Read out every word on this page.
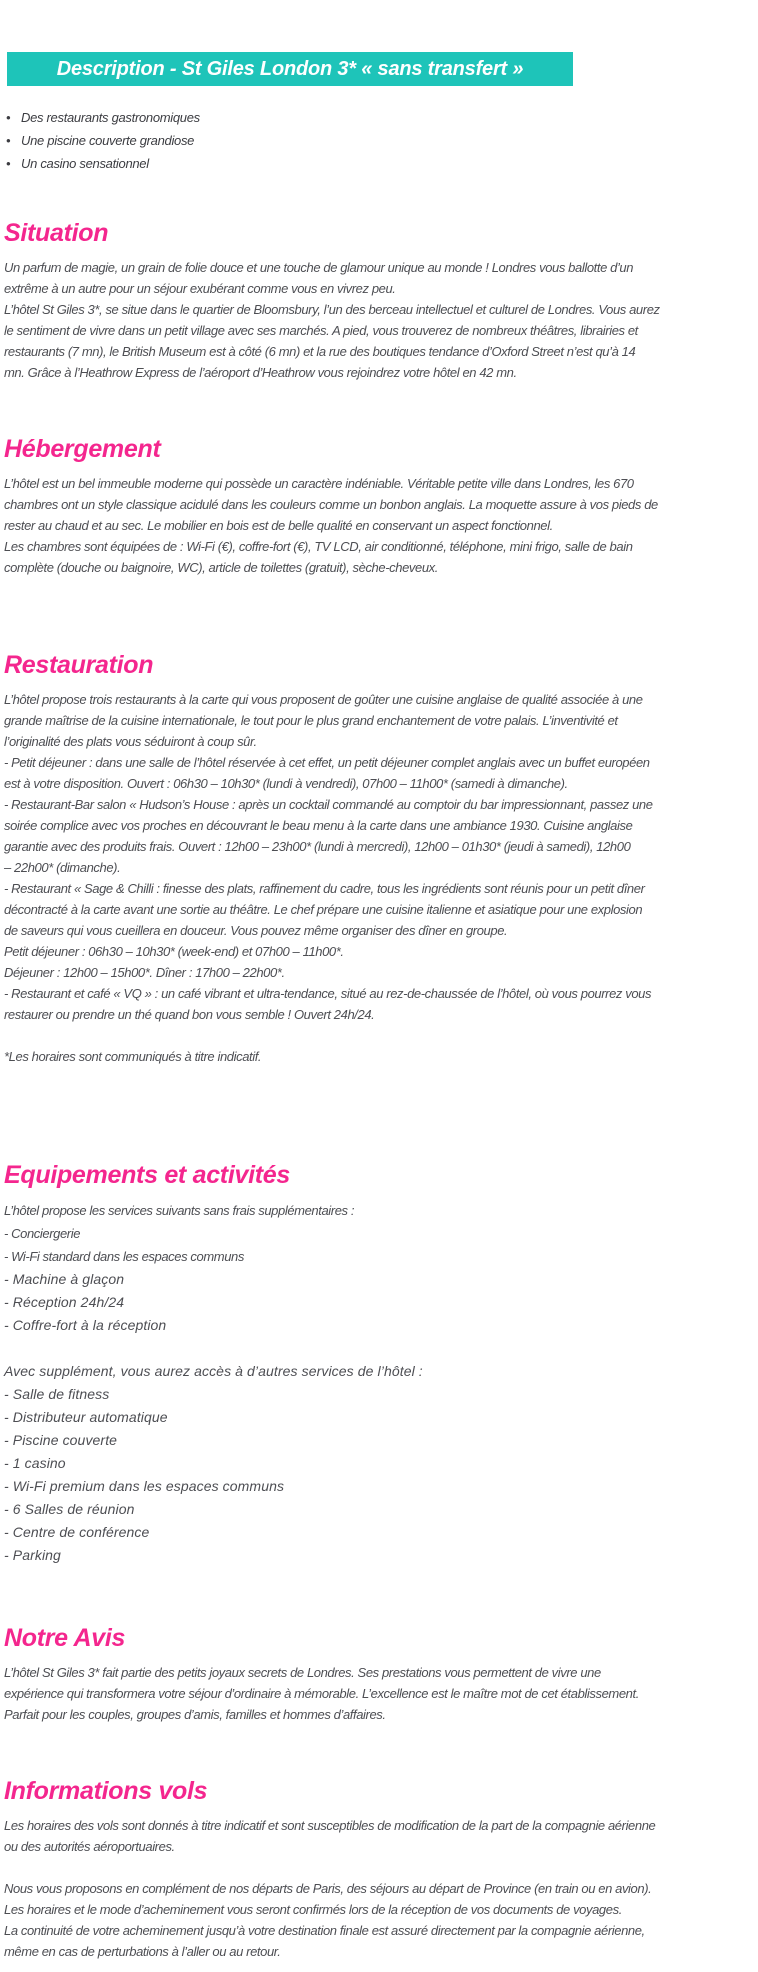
Description - St Giles London 3* « sans transfert »
• Des restaurants gastronomiques
• Une piscine couverte grandiose
• Un casino sensationnel
Situation
Un parfum de magie, un grain de folie douce et une touche de glamour unique au monde ! Londres vous ballotte d’un
extrême à un autre pour un séjour exubérant comme vous en vivrez peu.
L’hôtel St Giles 3*, se situe dans le quartier de Bloomsbury, l’un des berceau intellectuel et culturel de Londres. Vous aurez
le sentiment de vivre dans un petit village avec ses marchés. A pied, vous trouverez de nombreux théâtres, librairies et
restaurants (7 mn), le British Museum est à côté (6 mn) et la rue des boutiques tendance d’Oxford Street n’est qu’à 14
mn. Grâce à l’Heathrow Express de l’aéroport d’Heathrow vous rejoindrez votre hôtel en 42 mn.
Hébergement
L’hôtel est un bel immeuble moderne qui possède un caractère indéniable. Véritable petite ville dans Londres, les 670
chambres ont un style classique acidulé dans les couleurs comme un bonbon anglais. La moquette assure à vos pieds de
rester au chaud et au sec. Le mobilier en bois est de belle qualité en conservant un aspect fonctionnel.
Les chambres sont équipées de : Wi-Fi (€), coffre-fort (€), TV LCD, air conditionné, téléphone, mini frigo, salle de bain
complète (douche ou baignoire, WC), article de toilettes (gratuit), sèche-cheveux.
Restauration
L’hôtel propose trois restaurants à la carte qui vous proposent de goûter une cuisine anglaise de qualité associée à une
grande maîtrise de la cuisine internationale, le tout pour le plus grand enchantement de votre palais. L’inventivité et
l’originalité des plats vous séduiront à coup sûr.
- Petit déjeuner : dans une salle de l’hôtel réservée à cet effet, un petit déjeuner complet anglais avec un buffet européen
est à votre disposition. Ouvert : 06h30 – 10h30* (lundi à vendredi), 07h00 – 11h00* (samedi à dimanche).
- Restaurant-Bar salon « Hudson’s House : après un cocktail commandé au comptoir du bar impressionnant, passez une
soirée complice avec vos proches en découvrant le beau menu à la carte dans une ambiance 1930. Cuisine anglaise
garantie avec des produits frais. Ouvert : 12h00 – 23h00* (lundi à mercredi), 12h00 – 01h30* (jeudi à samedi), 12h00
– 22h00* (dimanche).
- Restaurant « Sage & Chilli : finesse des plats, raffinement du cadre, tous les ingrédients sont réunis pour un petit dîner
décontracté à la carte avant une sortie au théâtre. Le chef prépare une cuisine italienne et asiatique pour une explosion
de saveurs qui vous cueillera en douceur. Vous pouvez même organiser des dîner en groupe.
Petit déjeuner : 06h30 – 10h30* (week-end) et 07h00 – 11h00*.
Déjeuner : 12h00 – 15h00*. Dîner : 17h00 – 22h00*.
- Restaurant et café « VQ » : un café vibrant et ultra-tendance, situé au rez-de-chaussée de l’hôtel, où vous pourrez vous
restaurer ou prendre un thé quand bon vous semble ! Ouvert 24h/24.
*Les horaires sont communiqués à titre indicatif.
Equipements et activités
L’hôtel propose les services suivants sans frais supplémentaires :
- Conciergerie
- Wi-Fi standard dans les espaces communs
- Machine à glaçon
- Réception 24h/24
- Coffre-fort à la réception
Avec supplément, vous aurez accès à d’autres services de l’hôtel :
- Salle de fitness
- Distributeur automatique
- Piscine couverte
- 1 casino
- Wi-Fi premium dans les espaces communs
- 6 Salles de réunion
- Centre de conférence
- Parking
Notre Avis
L’hôtel St Giles 3* fait partie des petits joyaux secrets de Londres. Ses prestations vous permettent de vivre une
expérience qui transformera votre séjour d’ordinaire à mémorable. L’excellence est le maître mot de cet établissement.
Parfait pour les couples, groupes d’amis, familles et hommes d’affaires.
Informations vols
Les horaires des vols sont donnés à titre indicatif et sont susceptibles de modification de la part de la compagnie aérienne
ou des autorités aéroportuaires.
Nous vous proposons en complément de nos départs de Paris, des séjours au départ de Province (en train ou en avion).
Les horaires et le mode d’acheminement vous seront confirmés lors de la réception de vos documents de voyages.
La continuité de votre acheminement jusqu’à votre destination finale est assuré directement par la compagnie aérienne,
même en cas de perturbations à l’aller ou au retour.
